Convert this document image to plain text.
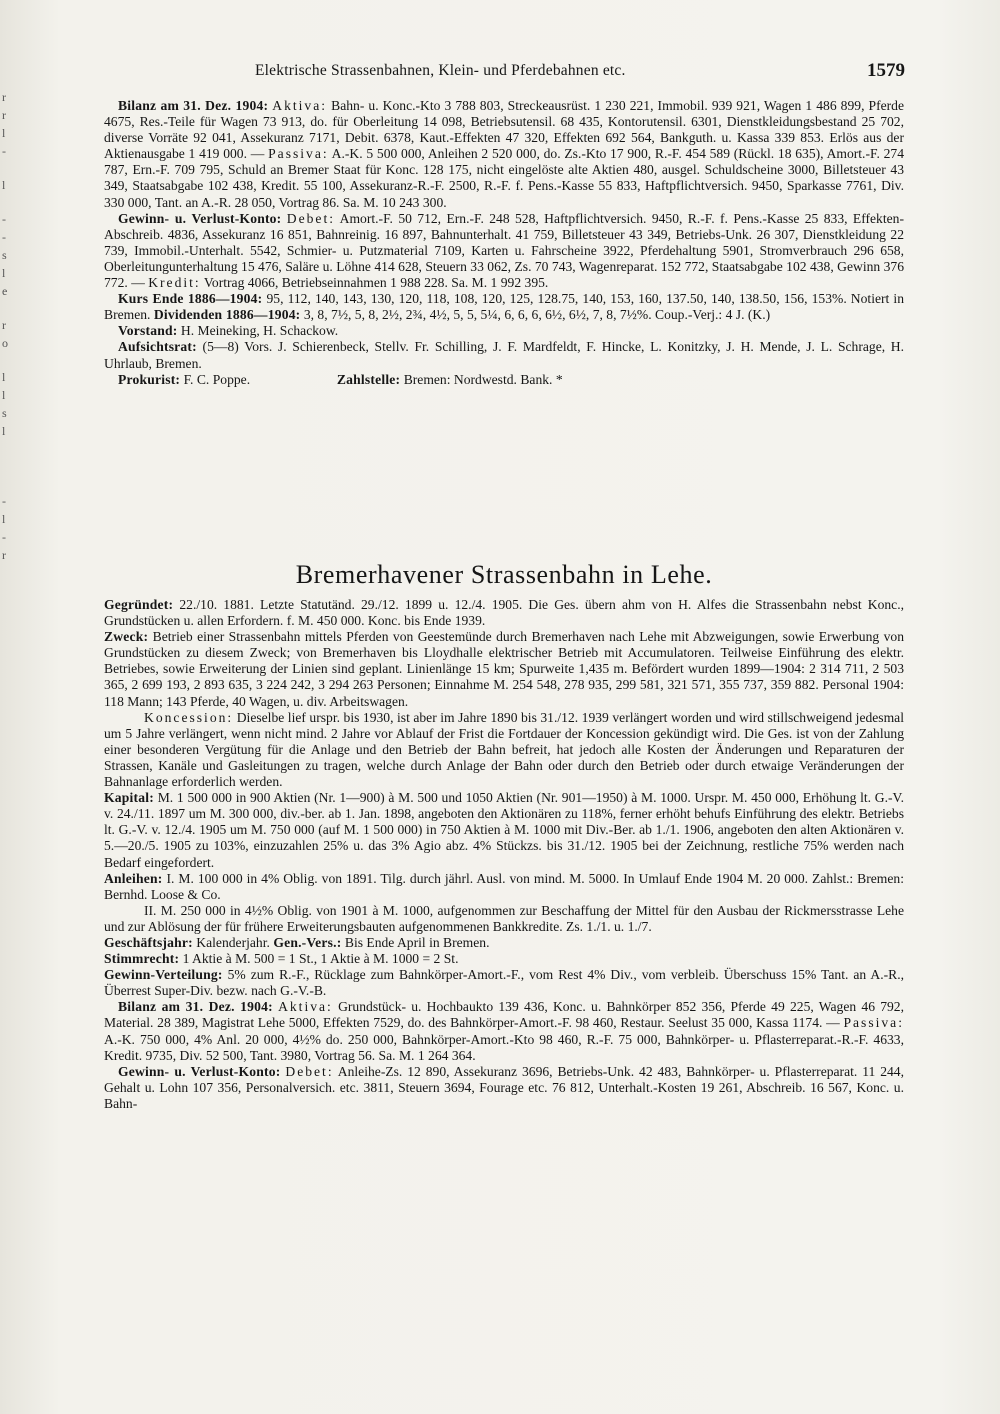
r
r
l
-
l
-
-
s
l
e
r
o
l
l
s
l
-
l
-
r
Elektrische Strassenbahnen, Klein- und Pferdebahnen etc.	1579

Bilanz am 31. Dez. 1904: Aktiva: Bahn- u. Konc.-Kto 3 788 803, Streckeausrüst. 1 230 221, Immobil. 939 921, Wagen 1 486 899, Pferde 4675, Res.-Teile für Wagen 73 913, do. für Oberleitung 14 098, Betriebsutensil. 68 435, Kontorutensil. 6301, Dienstkleidungsbestand 25 702, diverse Vorräte 92 041, Assekuranz 7171, Debit. 6378, Kaut.-Effekten 47 320, Effekten 692 564, Bankguth. u. Kassa 339 853. Erlös aus der Aktienausgabe 1 419 000. — Passiva: A.-K. 5 500 000, Anleihen 2 520 000, do. Zs.-Kto 17 900, R.-F. 454 589 (Rückl. 18 635), Amort.-F. 274 787, Ern.-F. 709 795, Schuld an Bremer Staat für Konc. 128 175, nicht eingelöste alte Aktien 480, ausgel. Schuldscheine 3000, Billetsteuer 43 349, Staatsabgabe 102 438, Kredit. 55 100, Assekuranz-R.-F. 2500, R.-F. f. Pens.-Kasse 55 833, Haftpflichtversich. 9450, Sparkasse 7761, Div. 330 000, Tant. an A.-R. 28 050, Vortrag 86. Sa. M. 10 243 300.

Gewinn- u. Verlust-Konto: Debet: Amort.-F. 50 712, Ern.-F. 248 528, Haftpflichtversich. 9450, R.-F. f. Pens.-Kasse 25 833, Effekten-Abschreib. 4836, Assekuranz 16 851, Bahnreinig. 16 897, Bahnunterhalt. 41 759, Billetsteuer 43 349, Betriebs-Unk. 26 307, Dienstkleidung 22 739, Immobil.-Unterhalt. 5542, Schmier- u. Putzmaterial 7109, Karten u. Fahrscheine 3922, Pferdehaltung 5901, Stromverbrauch 296 658, Oberleitungunterhaltung 15 476, Saläre u. Löhne 414 628, Steuern 33 062, Zs. 70 743, Wagenreparat. 152 772, Staatsabgabe 102 438, Gewinn 376 772. — Kredit: Vortrag 4066, Betriebseinnahmen 1 988 228. Sa. M. 1 992 395.

Kurs Ende 1886—1904: 95, 112, 140, 143, 130, 120, 118, 108, 120, 125, 128.75, 140, 153, 160, 137.50, 140, 138.50, 156, 153%. Notiert in Bremen. Dividenden 1886—1904: 3, 8, 7½, 5, 8, 2½, 2¾, 4½, 5, 5, 5¼, 6, 6, 6, 6½, 6½, 7, 8, 7½%. Coup.-Verj.: 4 J. (K.)

Vorstand: H. Meineking, H. Schackow.

Aufsichtsrat: (5—8) Vors. J. Schierenbeck, Stellv. Fr. Schilling, J. F. Mardfeldt, F. Hincke, L. Konitzky, J. H. Mende, J. L. Schrage, H. Uhrlaub, Bremen.

Prokurist: F. C. Poppe.	Zahlstelle: Bremen: Nordwestd. Bank. *

Bremerhavener Strassenbahn in Lehe.

Gegründet: 22./10. 1881. Letzte Statutänd. 29./12. 1899 u. 12./4. 1905. Die Ges. übern ahm von H. Alfes die Strassenbahn nebst Konc., Grundstücken u. allen Erfordern. f. M. 450 000. Konc. bis Ende 1939.

Zweck: Betrieb einer Strassenbahn mittels Pferden von Geestemünde durch Bremerhaven nach Lehe mit Abzweigungen, sowie Erwerbung von Grundstücken zu diesem Zweck; von Bremerhaven bis Lloydhalle elektrischer Betrieb mit Accumulatoren. Teilweise Einführung des elektr. Betriebes, sowie Erweiterung der Linien sind geplant. Linienlänge 15 km; Spurweite 1,435 m. Befördert wurden 1899—1904: 2 314 711, 2 503 365, 2 699 193, 2 893 635, 3 224 242, 3 294 263 Personen; Einnahme M. 254 548, 278 935, 299 581, 321 571, 355 737, 359 882. Personal 1904: 118 Mann; 143 Pferde, 40 Wagen, u. div. Arbeitswagen.

Koncession: Dieselbe lief urspr. bis 1930, ist aber im Jahre 1890 bis 31./12. 1939 verlängert worden und wird stillschweigend jedesmal um 5 Jahre verlängert, wenn nicht mind. 2 Jahre vor Ablauf der Frist die Fortdauer der Koncession gekündigt wird. Die Ges. ist von der Zahlung einer besonderen Vergütung für die Anlage und den Betrieb der Bahn befreit, hat jedoch alle Kosten der Änderungen und Reparaturen der Strassen, Kanäle und Gasleitungen zu tragen, welche durch Anlage der Bahn oder durch den Betrieb oder durch etwaige Veränderungen der Bahnanlage erforderlich werden.

Kapital: M. 1 500 000 in 900 Aktien (Nr. 1—900) à M. 500 und 1050 Aktien (Nr. 901—1950) à M. 1000. Urspr. M. 450 000, Erhöhung lt. G.-V. v. 24./11. 1897 um M. 300 000, div.-ber. ab 1. Jan. 1898, angeboten den Aktionären zu 118%, ferner erhöht behufs Einführung des elektr. Betriebs lt. G.-V. v. 12./4. 1905 um M. 750 000 (auf M. 1 500 000) in 750 Aktien à M. 1000 mit Div.-Ber. ab 1./1. 1906, angeboten den alten Aktionären v. 5.—20./5. 1905 zu 103%, einzuzahlen 25% u. das 3% Agio abz. 4% Stückzs. bis 31./12. 1905 bei der Zeichnung, restliche 75% werden nach Bedarf eingefordert.

Anleihen: I. M. 100 000 in 4% Oblig. von 1891. Tilg. durch jährl. Ausl. von mind. M. 5000. In Umlauf Ende 1904 M. 20 000. Zahlst.: Bremen: Bernhd. Loose & Co.

II. M. 250 000 in 4½% Oblig. von 1901 à M. 1000, aufgenommen zur Beschaffung der Mittel für den Ausbau der Rickmersstrasse Lehe und zur Ablösung der für frühere Erweiterungsbauten aufgenommenen Bankkredite. Zs. 1./1. u. 1./7.

Geschäftsjahr: Kalenderjahr. Gen.-Vers.: Bis Ende April in Bremen.

Stimmrecht: 1 Aktie à M. 500 = 1 St., 1 Aktie à M. 1000 = 2 St.

Gewinn-Verteilung: 5% zum R.-F., Rücklage zum Bahnkörper-Amort.-F., vom Rest 4% Div., vom verbleib. Überschuss 15% Tant. an A.-R., Überrest Super-Div. bezw. nach G.-V.-B.

Bilanz am 31. Dez. 1904: Aktiva: Grundstück- u. Hochbaukto 139 436, Konc. u. Bahnkörper 852 356, Pferde 49 225, Wagen 46 792, Material. 28 389, Magistrat Lehe 5000, Effekten 7529, do. des Bahnkörper-Amort.-F. 98 460, Restaur. Seelust 35 000, Kassa 1174. — Passiva: A.-K. 750 000, 4% Anl. 20 000, 4½% do. 250 000, Bahnkörper-Amort.-Kto 98 460, R.-F. 75 000, Bahnkörper- u. Pflasterreparat.-R.-F. 4633, Kredit. 9735, Div. 52 500, Tant. 3980, Vortrag 56. Sa. M. 1 264 364.

Gewinn- u. Verlust-Konto: Debet: Anleihe-Zs. 12 890, Assekuranz 3696, Betriebs-Unk. 42 483, Bahnkörper- u. Pflasterreparat. 11 244, Gehalt u. Lohn 107 356, Personalversich. etc. 3811, Steuern 3694, Fourage etc. 76 812, Unterhalt.-Kosten 19 261, Abschreib. 16 567, Konc. u. Bahn-
